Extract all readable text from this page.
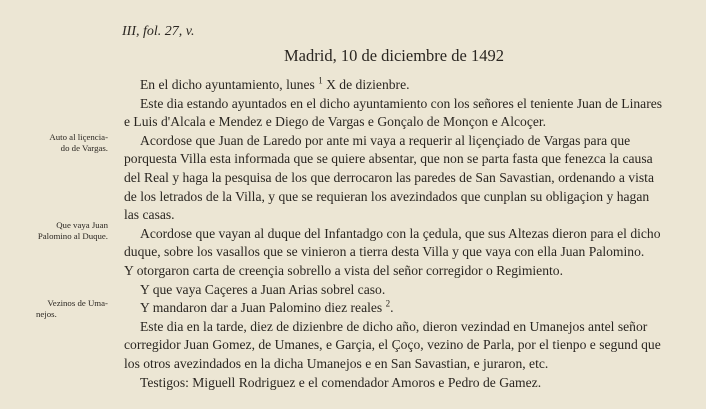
III, fol. 27, v.
Madrid, 10 de diciembre de 1492
Auto al liçencia-
do de Vargas.
Que vaya Juan
Palomino al Duque.
Vezinos de Uma-
nejos.
En el dicho ayuntamiento, lunes $^1$ X de dizienbre.
Este dia estando ayuntados en el dicho ayuntamiento con los señores el teniente Juan de Linares
e Luis d'Alcala e Mendez e Diego de Vargas e Gonçalo de Monçon e Alcoçer.
Acordose que Juan de Laredo por ante mi vaya a requerir al liçençiado de Vargas para que
porquesta Villa esta informada que se quiere absentar, que non se parta fasta que fenezca la causa
del Real y haga la pesquisa de los que derrocaron las paredes de San Savastian, ordenando a vista
de los letrados de la Villa, y que se requieran los avezindados que cunplan su obligaçion y hagan
las casas.
Acordose que vayan al duque del Infantadgo con la çedula, que sus Altezas dieron para el dicho
duque, sobre los vasallos que se vinieron a tierra desta Villa y que vaya con ella Juan Palomino.
Y otorgaron carta de creençia sobrello a vista del señor corregidor o Regimiento.
Y que vaya Caçeres a Juan Arias sobrel caso.
Y mandaron dar a Juan Palomino diez reales $^2$.
Este dia en la tarde, diez de dizienbre de dicho año, dieron vezindad en Umanejos antel señor
corregidor Juan Gomez, de Umanes, e Garçia, el Çoço, vezino de Parla, por el tienpo e segund que
los otros avezindados en la dicha Umanejos e en San Savastian, e juraron, etc.
Testigos: Miguell Rodriguez e el comendador Amoros e Pedro de Gamez.
